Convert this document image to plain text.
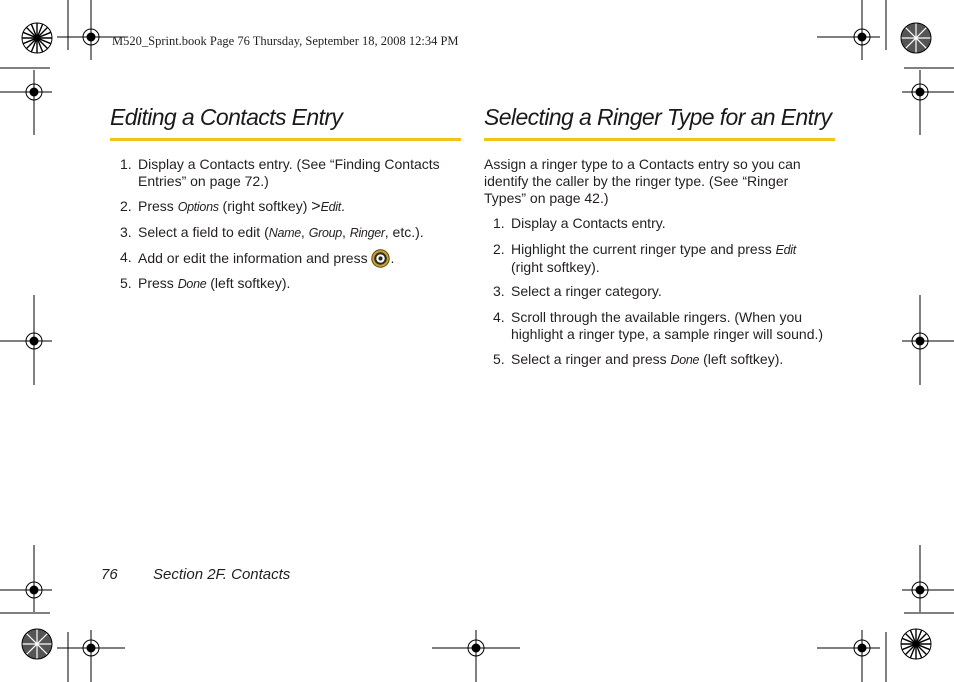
M520_Sprint.book Page 76 Thursday, September 18, 2008 12:34 PM
Editing a Contacts Entry
1. Display a Contacts entry. (See “Finding Contacts
Entries” on page 72.)
2. Press Options (right softkey) >Edit.
3. Select a field to edit (Name, Group, Ringer, etc.).
4. Add or edit the information and press .
5. Press Done (left softkey).
Selecting a Ringer Type for an Entry
Assign a ringer type to a Contacts entry so you can
identify the caller by the ringer type. (See “Ringer
Types” on page 42.)
1. Display a Contacts entry.
2. Highlight the current ringer type and press Edit
(right softkey).
3. Select a ringer category.
4. Scroll through the available ringers. (When you
highlight a ringer type, a sample ringer will sound.)
5. Select a ringer and press Done (left softkey).
76 Section 2F. Contacts
